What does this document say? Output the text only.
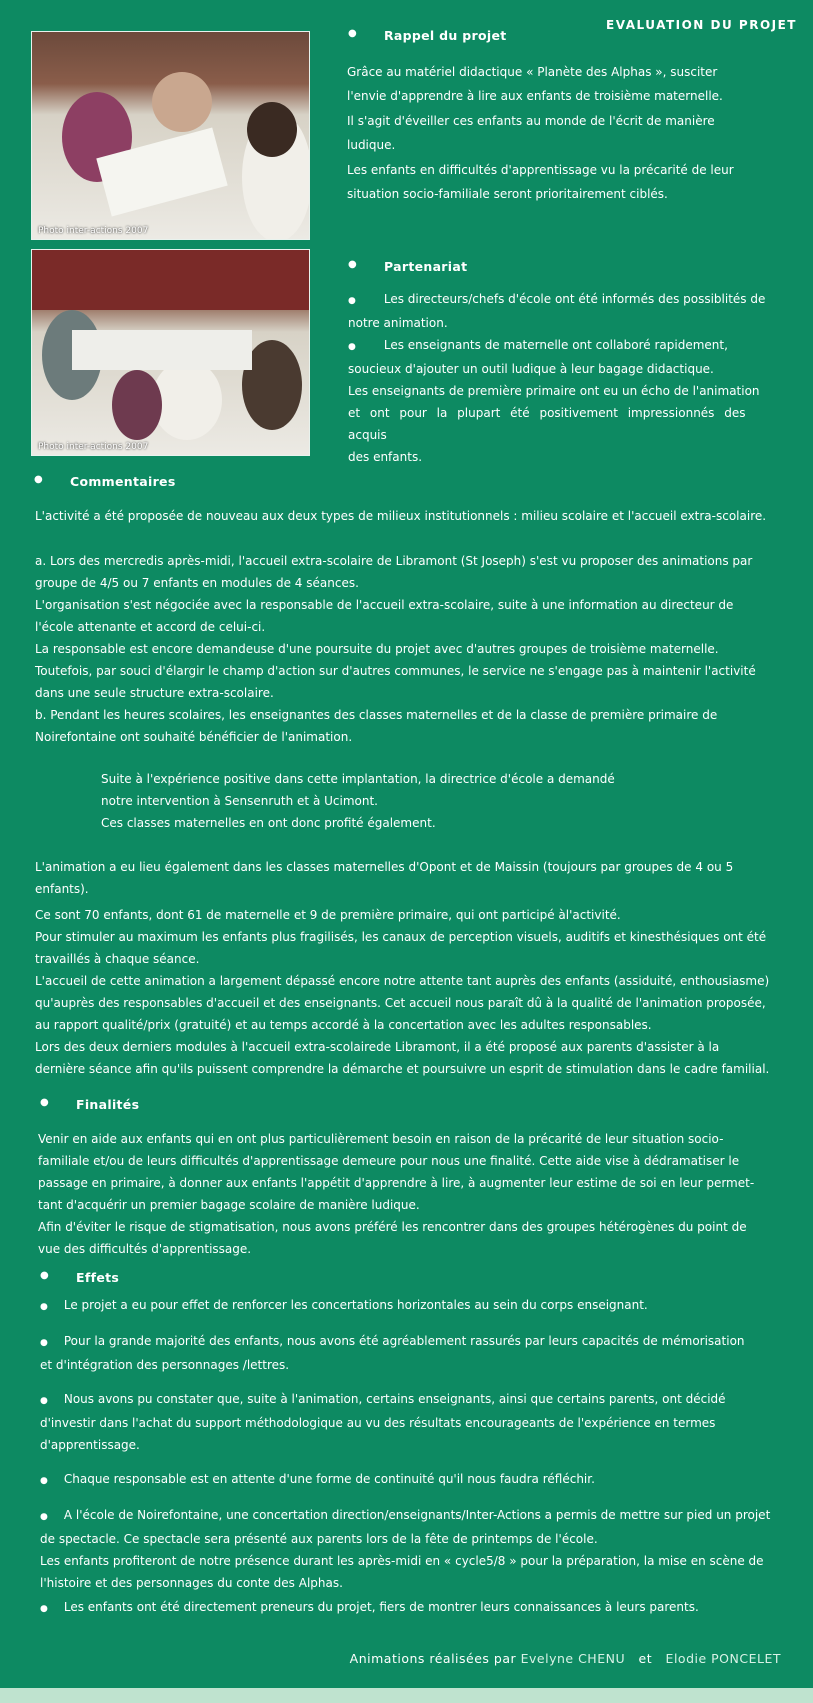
EVALUATION DU PROJET
Photo inter-actions 2007
Photo inter-actions 2007
● Rappel du projet

Grâce au matériel didactique « Planète des Alphas », susciter

l'envie d'apprendre à lire aux enfants de troisième maternelle.

Il s'agit d'éveiller ces enfants au monde de l'écrit de manière

ludique.

Les enfants en difficultés d'apprentissage vu la précarité de leur

situation socio-familiale seront prioritairement ciblés.

● Partenariat

● Les directeurs/chefs d'école ont été informés des possiblités de

notre animation.

● Les enseignants de maternelle ont collaboré rapidement,

soucieux d'ajouter un outil ludique à leur bagage didactique.

Les enseignants de première primaire ont eu un écho de l'animation

et ont pour la plupart été positivement impressionnés des acquis

des enfants.

● Commentaires
L'activité a été proposée de nouveau aux deux types de milieux institutionnels : milieu scolaire et l'accueil extra-scolaire.

a. Lors des mercredis après-midi, l'accueil extra-scolaire de Libramont (St Joseph) s'est vu proposer des animations par

groupe de 4/5 ou 7 enfants en modules de 4 séances.

L'organisation s'est négociée avec la responsable de l'accueil extra-scolaire, suite à une information au directeur de

l'école attenante et accord de celui-ci.

La responsable est encore demandeuse d'une poursuite du projet avec d'autres groupes de troisième maternelle.

Toutefois, par souci d'élargir le champ d'action sur d'autres communes, le service ne s'engage pas à maintenir l'activité

dans une seule structure extra-scolaire.

b. Pendant les heures scolaires, les enseignantes des classes maternelles et de la classe de première primaire de

Noirefontaine ont souhaité bénéficier de l'animation.

Suite à l'expérience positive dans cette implantation, la directrice d'école a demandé

notre intervention à Sensenruth et à Ucimont.

Ces classes maternelles en ont donc profité également.

L'animation a eu lieu également dans les classes maternelles d'Opont et de Maissin (toujours par groupes de 4 ou 5

enfants).

Ce sont 70 enfants, dont 61 de maternelle et 9 de première primaire, qui ont participé àl'activité.

Pour stimuler au maximum les enfants plus fragilisés, les canaux de perception visuels, auditifs et kinesthésiques ont été

travaillés à chaque séance.

L'accueil de cette animation a largement dépassé encore notre attente tant auprès des enfants (assiduité, enthousiasme)

qu'auprès des responsables d'accueil et des enseignants. Cet accueil nous paraît dû à la qualité de l'animation proposée,

au rapport qualité/prix (gratuité) et au temps accordé à la concertation avec les adultes responsables.

Lors des deux derniers modules à l'accueil extra-scolairede Libramont, il a été proposé aux parents d'assister à la

dernière séance afin qu'ils puissent comprendre la démarche et poursuivre un esprit de stimulation dans le cadre familial.

● Finalités

Venir en aide aux enfants qui en ont plus particulièrement besoin en raison de la précarité de leur situation socio-

familiale et/ou de leurs difficultés d'apprentissage demeure pour nous une finalité. Cette aide vise à dédramatiser le

passage en primaire, à donner aux enfants l'appétit d'apprendre à lire, à augmenter leur estime de soi en leur permet-

tant d'acquérir un premier bagage scolaire de manière ludique.

Afin d'éviter le risque de stigmatisation, nous avons préféré les rencontrer dans des groupes hétérogènes du point de

vue des difficultés d'apprentissage.

● Effets

● Le projet a eu pour effet de renforcer les concertations horizontales au sein du corps enseignant.

● Pour la grande majorité des enfants, nous avons été agréablement rassurés par leurs capacités de mémorisation

et d'intégration des personnages /lettres.

● Nous avons pu constater que, suite à l'animation, certains enseignants, ainsi que certains parents, ont décidé

d'investir dans l'achat du support méthodologique au vu des résultats encourageants de l'expérience en termes

d'apprentissage.

● Chaque responsable est en attente d'une forme de continuité qu'il nous faudra réfléchir.

● A l'école de Noirefontaine, une concertation direction/enseignants/Inter-Actions a permis de mettre sur pied un projet

de spectacle. Ce spectacle sera présenté aux parents lors de la fête de printemps de l'école.

Les enfants profiteront de notre présence durant les après-midi en « cycle5/8 » pour la préparation, la mise en scène de

l'histoire et des personnages du conte des Alphas.

● Les enfants ont été directement preneurs du projet, fiers de montrer leurs connaissances à leurs parents.

Animations réalisées par Evelyne CHENU et Elodie PONCELET
